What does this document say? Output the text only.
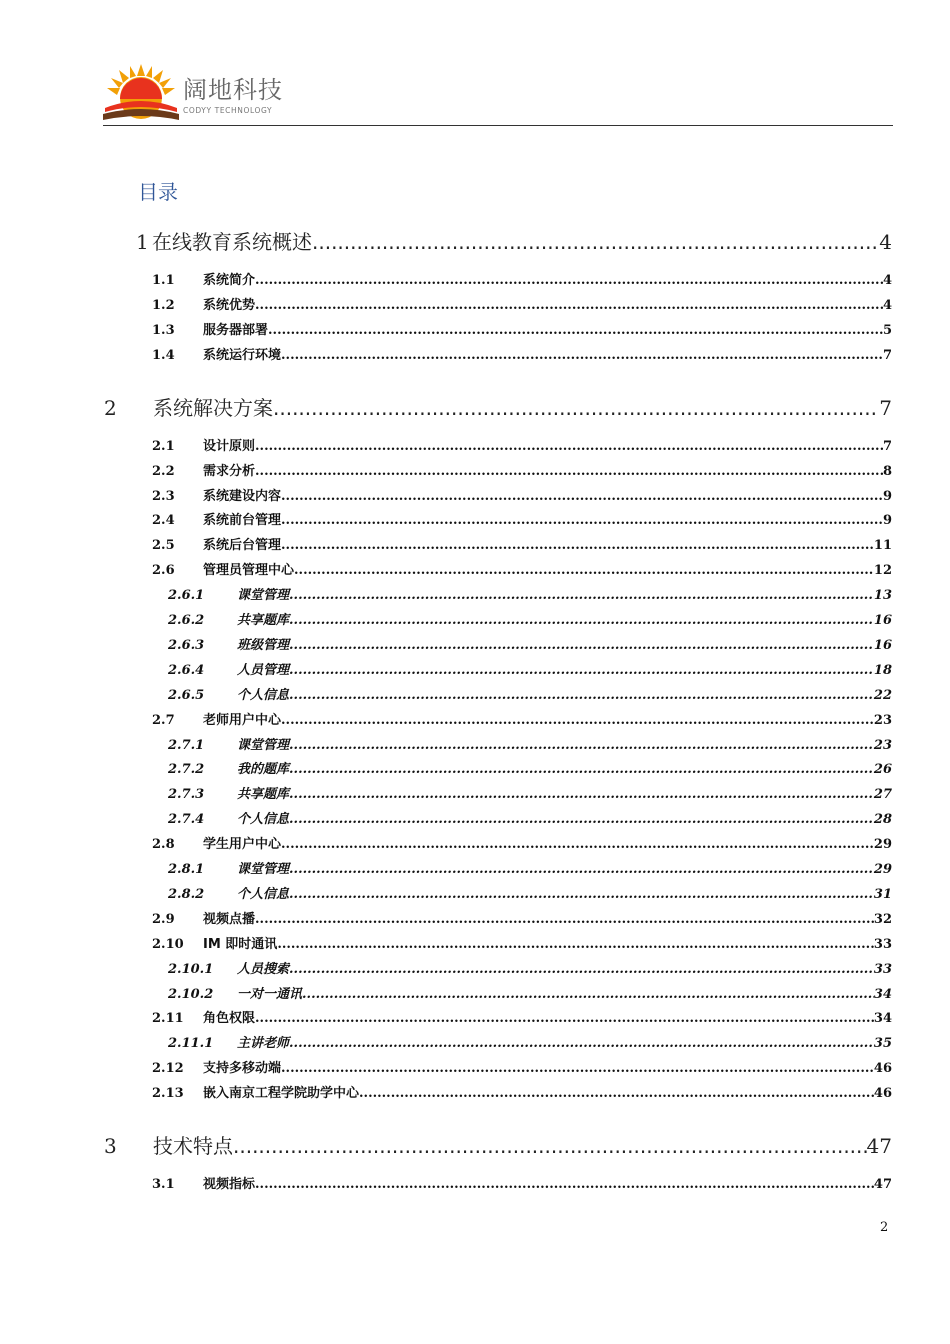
阔地科技
CODYY TECHNOLOGY
目录
1 在线教育系统概述 .....	4
1.1	系统简介 .....	4
1.2	系统优势 .....	4
1.3	服务器部署 .....	5
1.4	系统运行环境 .....	7
2	系统解决方案 .....	7
2.1	设计原则 .....	7
2.2	需求分析 .....	8
2.3	系统建设内容 .....	9
2.4	系统前台管理 .....	9
2.5	系统后台管理 .....	11
2.6	管理员管理中心 .....	12
2.6.1	课堂管理 .....	13
2.6.2	共享题库 .....	16
2.6.3	班级管理 .....	16
2.6.4	人员管理 .....	18
2.6.5	个人信息 .....	22
2.7	老师用户中心 .....	23
2.7.1	课堂管理 .....	23
2.7.2	我的题库 .....	26
2.7.3	共享题库 .....	27
2.7.4	个人信息 .....	28
2.8	学生用户中心 .....	29
2.8.1	课堂管理 .....	29
2.8.2	个人信息 .....	31
2.9	视频点播 .....	32
2.10	IM 即时通讯 .....	33
2.10.1	人员搜索 .....	33
2.10.2	一对一通讯 .....	34
2.11	角色权限 .....	34
2.11.1	主讲老师 .....	35
2.12	支持多移动端 .....	46
2.13	嵌入南京工程学院助学中心 .....	46
3	技术特点 .....	47
3.1	视频指标 .....	47
2
